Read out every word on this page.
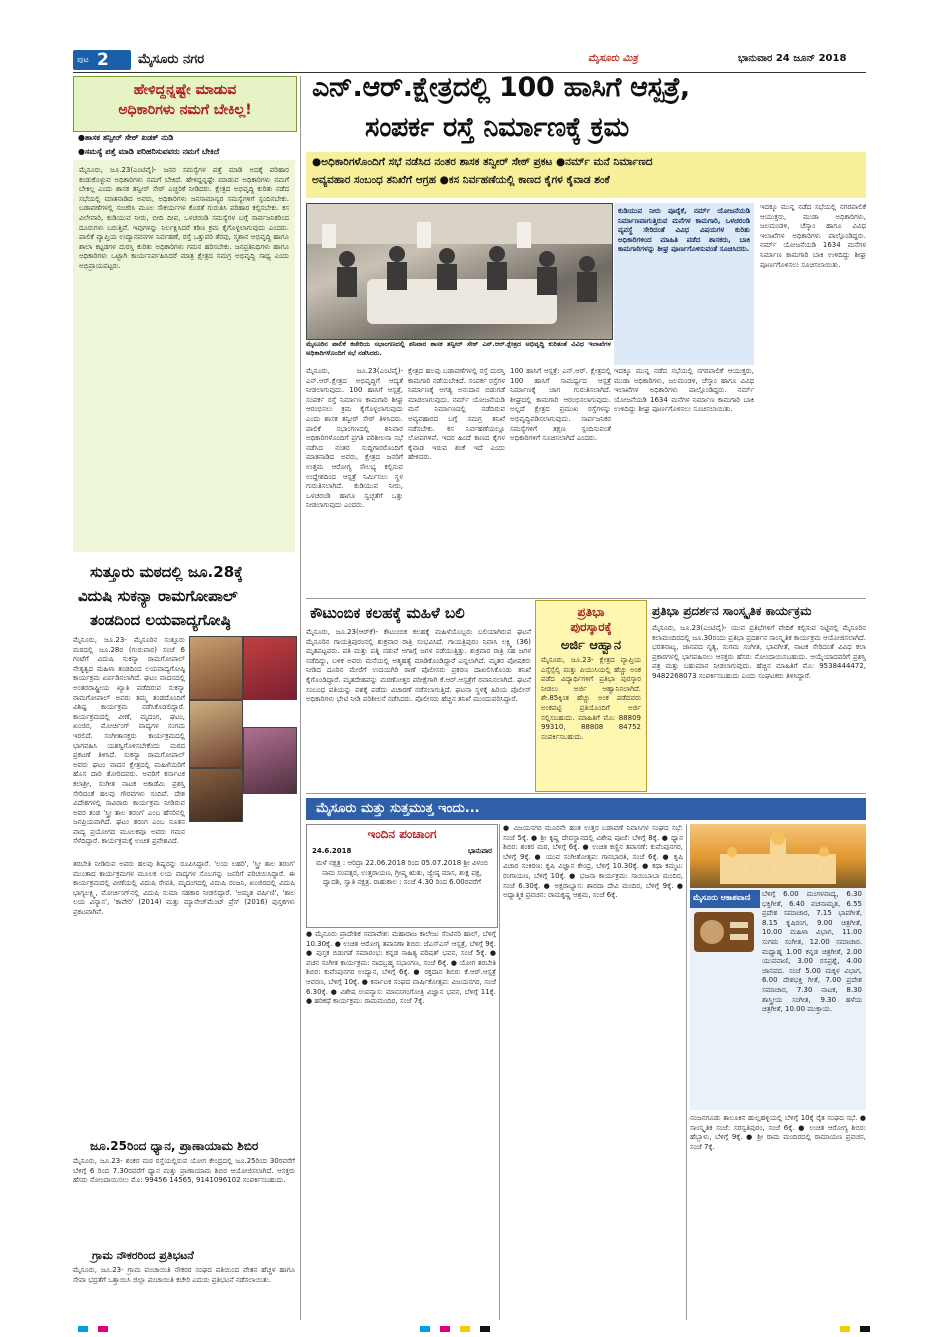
ಪುಟ 2 ಮೈಸೂರು ನಗರ	ಮೈಸೂರು ಮಿತ್ರ	ಭಾನುವಾರ 24 ಜೂನ್ 2018
ಹೇಳಿದ್ದನ್ನಷ್ಟೇ ಮಾಡುವ
ಅಧಿಕಾರಿಗಳು ನಮಗೆ ಬೇಕಿಲ್ಲ!
●ಶಾಸಕ ತನ್ವೀರ್ ಸೇಠ್ ಖಡಕ್ ನುಡಿ
●ಸಮಸ್ಯೆ ಪತ್ತೆ ಮಾಡಿ ಪರಿಹರಿಸುವವರು ನಮಗೆ ಬೇಕಿದೆ
ಮೈಸೂರು, ಜೂ.23(ಎಂಟಿವೈ)- ಜನರ ಸಮಸ್ಯೆಗಳ ಪತ್ತೆ ಮಾಡಿ ಅದಕ್ಕೆ ಪರಿಹಾರ ಕಂಡುಕೊಳ್ಳುವ ಅಧಿಕಾರಿಗಳು ನಮಗೆ ಬೇಕಿದೆ. ಹೇಳಿದ್ದನ್ನಷ್ಟೇ ಮಾಡುವ ಅಧಿಕಾರಿಗಳು ನಮಗೆ ಬೇಕಿಲ್ಲ ಎಂದು ಶಾಸಕ ತನ್ವೀರ್ ಸೇಠ್ ಎಚ್ಚರಿಕೆ ನೀಡಿದರು. ಕ್ಷೇತ್ರದ ಅಭಿವೃದ್ಧಿ ಕುರಿತು ನಡೆದ ಸಭೆಯಲ್ಲಿ ಮಾತನಾಡಿದ ಅವರು, ಅಧಿಕಾರಿಗಳು ಜನಸಾಮಾನ್ಯರ ಸಮಸ್ಯೆಗಳಿಗೆ ಸ್ಪಂದಿಸಬೇಕು. ಬಡಾವಣೆಗಳಲ್ಲಿ ಸಂಚರಿಸಿ ಮೂಲ ಸೌಕರ್ಯಗಳ ಕೊರತೆ ಗುರುತಿಸಿ ಪರಿಹಾರ ಕಲ್ಪಿಸಬೇಕು. ಕಸ ವಿಲೇವಾರಿ, ಕುಡಿಯುವ ನೀರು, ಬೀದಿ ದೀಪ, ಒಳಚರಂಡಿ ಸಮಸ್ಯೆಗಳ ಬಗ್ಗೆ ಸಾರ್ವಜನಿಕರಿಂದ ದೂರುಗಳು ಬರುತ್ತಿವೆ. ಇವುಗಳನ್ನು ನಿರ್ಲಕ್ಷಿಸಿದರೆ ಕಠಿಣ ಕ್ರಮ ಕೈಗೊಳ್ಳಲಾಗುವುದು ಎಂದರು. ಪಾಲಿಕೆ ವ್ಯಾಪ್ತಿಯ ಉದ್ಯಾನವನಗಳ ನಿರ್ವಹಣೆ, ರಸ್ತೆ ಒತ್ತುವರಿ ತೆರವು, ಸ್ಮಶಾನ ಅಭಿವೃದ್ಧಿ ಹಾಗೂ ಶಾಲಾ ಕಟ್ಟಡಗಳ ದುರಸ್ತಿ ಕುರಿತು ಅಧಿಕಾರಿಗಳು ಗಮನ ಹರಿಸಬೇಕು. ಜನಪ್ರತಿನಿಧಿಗಳು ಹಾಗೂ ಅಧಿಕಾರಿಗಳು ಒಟ್ಟಾಗಿ ಕಾರ್ಯನಿರ್ವಹಿಸಿದರೆ ಮಾತ್ರ ಕ್ಷೇತ್ರದ ಸಮಗ್ರ ಅಭಿವೃದ್ಧಿ ಸಾಧ್ಯ ಎಂದು ಅಭಿಪ್ರಾಯಪಟ್ಟರು.
ಎನ್.ಆರ್.ಕ್ಷೇತ್ರದಲ್ಲಿ 100 ಹಾಸಿಗೆ ಆಸ್ಪತ್ರೆ,
ಸಂಪರ್ಕ ರಸ್ತೆ ನಿರ್ಮಾಣಕ್ಕೆ ಕ್ರಮ
●ಅಧಿಕಾರಿಗಳೊಂದಿಗೆ ಸಭೆ ನಡೆಸಿದ ನಂತರ ಶಾಸಕ ತನ್ವೀರ್ ಸೇಠ್ ಪ್ರಕಟ ●ನರ್ಮ್ ಮನೆ ನಿರ್ಮಾಣದ
ಅವ್ಯವಹಾರ ಸಂಬಂಧ ತನಿಖೆಗೆ ಆಗ್ರಹ ●ಕಸ ನಿರ್ವಹಣೆಯಲ್ಲಿ ಕಾಣದ ಕೈಗಳ ಕೈವಾಡ ಶಂಕೆ
ಮೈಸೂರಿನ ಪಾಲಿಕೆ ಕಚೇರಿಯ ಸಭಾಂಗಣದಲ್ಲಿ ಶನಿವಾರ ಶಾಸಕ ತನ್ವೀರ್ ಸೇಠ್ ಎನ್.ಆರ್.ಕ್ಷೇತ್ರದ ಅಭಿವೃದ್ಧಿ ಕುರಿತಂತೆ ವಿವಿಧ ಇಲಾಖೆಗಳ ಅಧಿಕಾರಿಗಳೊಂದಿಗೆ ಸಭೆ ನಡೆಸಿದರು.
ಕುಡಿಯುವ ನೀರು ಪೂರೈಕೆ, ನರ್ಮ್ ಯೋಜನೆಯಡಿ ನಿರ್ಮಾಣವಾಗುತ್ತಿರುವ ಮನೆಗಳ ಕಾಮಗಾರಿ, ಒಳಚರಂಡಿ ವ್ಯವಸ್ಥೆ ಸೇರಿದಂತೆ ವಿವಿಧ ವಿಷಯಗಳ ಕುರಿತು ಅಧಿಕಾರಿಗಳಿಂದ ಮಾಹಿತಿ ಪಡೆದ ಶಾಸಕರು, ಬಾಕಿ ಕಾಮಗಾರಿಗಳನ್ನು ಶೀಘ್ರ ಪೂರ್ಣಗೊಳಿಸುವಂತೆ ಸೂಚಿಸಿದರು.
ಮೈಸೂರು, ಜೂ.23(ಎಂಟಿವೈ)- ಎನ್.ಆರ್.ಕ್ಷೇತ್ರದ ಅಭಿವೃದ್ಧಿಗೆ ಆದ್ಯತೆ ನೀಡಲಾಗುವುದು. 100 ಹಾಸಿಗೆ ಆಸ್ಪತ್ರೆ, ಸಂಪರ್ಕ ರಸ್ತೆ ನಿರ್ಮಾಣ ಕಾಮಗಾರಿ ಶೀಘ್ರ ಆರಂಭಿಸಲು ಕ್ರಮ ಕೈಗೊಳ್ಳಲಾಗುವುದು ಎಂದು ಶಾಸಕ ತನ್ವೀರ್ ಸೇಠ್ ತಿಳಿಸಿದರು. ಪಾಲಿಕೆ ಸಭಾಂಗಣದಲ್ಲಿ ಶನಿವಾರ ಅಧಿಕಾರಿಗಳೊಂದಿಗೆ ಪ್ರಗತಿ ಪರಿಶೀಲನಾ ಸಭೆ ನಡೆಸಿದ ನಂತರ ಸುದ್ದಿಗಾರರೊಂದಿಗೆ ಮಾತನಾಡಿದ ಅವರು, ಕ್ಷೇತ್ರದ ಜನರಿಗೆ ಉತ್ತಮ ಆರೋಗ್ಯ ಸೌಲಭ್ಯ ಕಲ್ಪಿಸುವ ಉದ್ದೇಶದಿಂದ ಆಸ್ಪತ್ರೆ ನಿರ್ಮಿಸಲು ಸ್ಥಳ ಗುರುತಿಸಲಾಗಿದೆ. ಕುಡಿಯುವ ನೀರು, ಒಳಚರಂಡಿ ಹಾಗೂ ಸ್ವಚ್ಛತೆಗೆ ಒತ್ತು ನೀಡಲಾಗುವುದು ಎಂದರು.
ಕ್ಷೇತ್ರದ ಹಲವು ಬಡಾವಣೆಗಳಲ್ಲಿ ರಸ್ತೆ ದುರಸ್ತಿ ಕಾಮಗಾರಿ ನಡೆಯಬೇಕಿದೆ. ಸಂಪರ್ಕ ರಸ್ತೆಗಳ ನಿರ್ಮಾಣಕ್ಕೆ ಅಗತ್ಯ ಅನುದಾನ ಬಿಡುಗಡೆ ಮಾಡಲಾಗುವುದು. ನರ್ಮ್ ಯೋಜನೆಯಡಿ ಮನೆ ನಿರ್ಮಾಣದಲ್ಲಿ ನಡೆದಿರುವ ಅವ್ಯವಹಾರದ ಬಗ್ಗೆ ಸಮಗ್ರ ತನಿಖೆ ನಡೆಸಬೇಕು. ಕಸ ನಿರ್ವಹಣೆಯಲ್ಲೂ ಲೋಪಗಳಿವೆ. ಇದರ ಹಿಂದೆ ಕಾಣದ ಕೈಗಳ ಕೈವಾಡ ಇರುವ ಶಂಕೆ ಇದೆ ಎಂದು ಹೇಳಿದರು.
100 ಹಾಸಿಗೆ ಆಸ್ಪತ್ರೆ: ಎನ್.ಆರ್. ಕ್ಷೇತ್ರದಲ್ಲಿ 100 ಹಾಸಿಗೆ ಸಾಮರ್ಥ್ಯದ ಆಸ್ಪತ್ರೆ ನಿರ್ಮಾಣಕ್ಕೆ ಜಾಗ ಗುರುತಿಸಲಾಗಿದೆ. ಶೀಘ್ರದಲ್ಲಿ ಕಾಮಗಾರಿ ಆರಂಭಿಸಲಾಗುವುದು. ಅಲ್ಲದೆ ಕ್ಷೇತ್ರದ ಪ್ರಮುಖ ರಸ್ತೆಗಳನ್ನು ಅಭಿವೃದ್ಧಿಪಡಿಸಲಾಗುವುದು. ಸಾರ್ವಜನಿಕರ ಸಮಸ್ಯೆಗಳಿಗೆ ತಕ್ಷಣ ಸ್ಪಂದಿಸುವಂತೆ ಅಧಿಕಾರಿಗಳಿಗೆ ಸೂಚಿಸಲಾಗಿದೆ ಎಂದರು.
ಇದಕ್ಕೂ ಮುನ್ನ ನಡೆದ ಸಭೆಯಲ್ಲಿ ನಗರಪಾಲಿಕೆ ಆಯುಕ್ತರು, ಮುಡಾ ಅಧಿಕಾರಿಗಳು, ಜಲಮಂಡಳಿ, ಚೆಸ್ಕಾಂ ಹಾಗೂ ವಿವಿಧ ಇಲಾಖೆಗಳ ಅಧಿಕಾರಿಗಳು ಪಾಲ್ಗೊಂಡಿದ್ದರು. ನರ್ಮ್ ಯೋಜನೆಯಡಿ 1634 ಮನೆಗಳ ನಿರ್ಮಾಣ ಕಾಮಗಾರಿ ಬಾಕಿ ಉಳಿದಿದ್ದು ಶೀಘ್ರ ಪೂರ್ಣಗೊಳಿಸಲು ಸೂಚಿಸಲಾಯಿತು.
ಇದಕ್ಕೂ ಮುನ್ನ ನಡೆದ ಸಭೆಯಲ್ಲಿ ನಗರಪಾಲಿಕೆ ಆಯುಕ್ತರು, ಮುಡಾ ಅಧಿಕಾರಿಗಳು, ಜಲಮಂಡಳಿ, ಚೆಸ್ಕಾಂ ಹಾಗೂ ವಿವಿಧ ಇಲಾಖೆಗಳ ಅಧಿಕಾರಿಗಳು ಪಾಲ್ಗೊಂಡಿದ್ದರು. ನರ್ಮ್ ಯೋಜನೆಯಡಿ 1634 ಮನೆಗಳ ನಿರ್ಮಾಣ ಕಾಮಗಾರಿ ಬಾಕಿ ಉಳಿದಿದ್ದು ಶೀಘ್ರ ಪೂರ್ಣಗೊಳಿಸಲು ಸೂಚಿಸಲಾಯಿತು.
ಸುತ್ತೂರು ಮಠದಲ್ಲಿ ಜೂ.28ಕ್ಕೆ
ವಿದುಷಿ ಸುಕನ್ಯಾ ರಾಮಗೋಪಾಲ್
ತಂಡದಿಂದ ಲಯವಾದ್ಯಗೋಷ್ಠಿ
ಮೈಸೂರು, ಜೂ.23- ಮೈಸೂರಿನ ಸುತ್ತೂರು ಮಠದಲ್ಲಿ ಜೂ.28ರ (ಗುರುವಾರ) ಸಂಜೆ 6 ಗಂಟೆಗೆ ವಿದುಷಿ ಸುಕನ್ಯಾ ರಾಮಗೋಪಾಲ್ ನೇತೃತ್ವದ ಮಹಿಳಾ ತಂಡದಿಂದ ಲಯವಾದ್ಯಗೋಷ್ಠಿ ಕಾರ್ಯಕ್ರಮ ಏರ್ಪಡಿಸಲಾಗಿದೆ. ಘಟಂ ವಾದನದಲ್ಲಿ ಅಂತರರಾಷ್ಟ್ರೀಯ ಖ್ಯಾತಿ ಪಡೆದಿರುವ ಸುಕನ್ಯಾ ರಾಮಗೋಪಾಲ್ ಅವರು ತಮ್ಮ ತಂಡದೊಂದಿಗೆ ವಿಶಿಷ್ಟ ಕಾರ್ಯಕ್ರಮ ನಡೆಸಿಕೊಡಲಿದ್ದಾರೆ. ಕಾರ್ಯಕ್ರಮದಲ್ಲಿ ವೀಣೆ, ಮೃದಂಗ, ಘಟಂ, ಖಂಜಿರ, ಮೋರ್ಚಿಂಗ್ ವಾದ್ಯಗಳ ಸಂಗಮ ಇರಲಿದೆ. ಸಂಗೀತಾಸಕ್ತರು ಕಾರ್ಯಕ್ರಮದಲ್ಲಿ ಭಾಗವಹಿಸಿ ಯಶಸ್ವಿಗೊಳಿಸಬೇಕೆಂದು ಮಠದ ಪ್ರಕಟಣೆ ತಿಳಿಸಿದೆ. ಸುಕನ್ಯಾ ರಾಮಗೋಪಾಲ್ ಅವರು ಘಟಂ ವಾದನ ಕ್ಷೇತ್ರದಲ್ಲಿ ಮಹಿಳೆಯರಿಗೆ ಹೊಸ ದಾರಿ ತೋರಿದವರು. ಅವರಿಗೆ ಕರ್ನಾಟಕ ಕಲಾಶ್ರೀ, ಸಂಗೀತ ನಾಟಕ ಅಕಾಡೆಮಿ ಪ್ರಶಸ್ತಿ ಸೇರಿದಂತೆ ಹಲವು ಗೌರವಗಳು ಸಂದಿವೆ. ದೇಶ ವಿದೇಶಗಳಲ್ಲಿ ಸಾವಿರಾರು ಕಾರ್ಯಕ್ರಮ ನೀಡಿರುವ ಅವರ ತಂಡ 'ಸ್ತ್ರೀ ತಾಲ ತರಂಗ' ಎಂಬ ಹೆಸರಿನಲ್ಲಿ ಜನಪ್ರಿಯವಾಗಿದೆ. ಘಟಂ ತರಂಗ ಎಂಬ ನೂತನ ವಾದ್ಯ ಪ್ರಯೋಗದ ಮೂಲಕವೂ ಅವರು ಗಮನ ಸೆಳೆದಿದ್ದಾರೆ. ಕಾರ್ಯಕ್ರಮಕ್ಕೆ ಉಚಿತ ಪ್ರವೇಶವಿದೆ.
ತರಬೇತಿ ನೀಡಿರುವ ಅವರು ಹಲವು ಶಿಷ್ಯರನ್ನು ರೂಪಿಸಿದ್ದಾರೆ. 'ಲಯ ಲಹರಿ', 'ಸ್ತ್ರೀ ತಾಲ ತರಂಗ' ಮುಂತಾದ ಕಾರ್ಯಕ್ರಮಗಳ ಮೂಲಕ ಲಯ ವಾದ್ಯಗಳ ಸೊಬಗನ್ನು ಜನರಿಗೆ ಪರಿಚಯಿಸಿದ್ದಾರೆ. ಈ ಕಾರ್ಯಕ್ರಮದಲ್ಲಿ ವೀಣೆಯಲ್ಲಿ ವಿದುಷಿ ರೇವತಿ, ಮೃದಂಗದಲ್ಲಿ ವಿದುಷಿ ರಂಜನಿ, ಖಂಜಿರದಲ್ಲಿ ವಿದುಷಿ ಭಾಗ್ಯಲಕ್ಷ್ಮಿ, ಮೋರ್ಚಿಂಗ್‌ನಲ್ಲಿ ವಿದುಷಿ ಸುಮಾ ಸಹಕಾರ ನೀಡಲಿದ್ದಾರೆ. 'ಅಮೃತ ವರ್ಷಿಣಿ', 'ತಾಲ ಲಯ ವಿನ್ಯಾಸ', 'ಕಾವೇರಿ' (2014) ಮತ್ತು ಮ್ಯಾನೇಜ್‌ಮೆಂಟ್ ಪ್ರೆಸ್ (2016) ಪುಸ್ತಕಗಳು ಪ್ರಕಟವಾಗಿವೆ.
ಜೂ.25ರಿಂದ ಧ್ಯಾನ, ಪ್ರಾಣಾಯಾಮ ಶಿಬಿರ
ಮೈಸೂರು, ಜೂ.23- ಶಂಕರ ಮಠ ರಸ್ತೆಯಲ್ಲಿರುವ ಯೋಗ ಕೇಂದ್ರದಲ್ಲಿ ಜೂ.25ರಿಂದ 30ರವರೆಗೆ ಬೆಳಿಗ್ಗೆ 6 ರಿಂದ 7.30ರವರೆಗೆ ಧ್ಯಾನ ಮತ್ತು ಪ್ರಾಣಾಯಾಮ ಶಿಬಿರ ಆಯೋಜಿಸಲಾಗಿದೆ. ಆಸಕ್ತರು ಹೆಸರು ನೋಂದಾಯಿಸಲು ಮೊ: 99456 14565, 9141096102 ಸಂಪರ್ಕಿಸಬಹುದು.
ಗ್ರಾಮ ನೌಕರರಿಂದ ಪ್ರತಿಭಟನೆ
ಮೈಸೂರು, ಜೂ.23- ಗ್ರಾಮ ಪಂಚಾಯಿತಿ ನೌಕರರ ಸಂಘದ ವತಿಯಿಂದ ವೇತನ ಹೆಚ್ಚಳ ಹಾಗೂ ಸೇವಾ ಭದ್ರತೆಗೆ ಒತ್ತಾಯಿಸಿ ಜಿಲ್ಲಾ ಪಂಚಾಯಿತಿ ಕಚೇರಿ ಎದುರು ಪ್ರತಿಭಟನೆ ನಡೆಸಲಾಯಿತು.
ಕೌಟುಂಬಿಕ ಕಲಹಕ್ಕೆ ಮಹಿಳೆ ಬಲಿ
ಮೈಸೂರು, ಜೂ.23(ಆರ್‌ಕೆ)- ಕೌಟುಂಬಿಕ ಕಲಹಕ್ಕೆ ಮಹಿಳೆಯೊಬ್ಬರು ಬಲಿಯಾಗಿರುವ ಘಟನೆ ಮೈಸೂರಿನ ಗಾಯತ್ರಿಪುರಂನಲ್ಲಿ ಶುಕ್ರವಾರ ರಾತ್ರಿ ಸಂಭವಿಸಿದೆ. ಗಾಯತ್ರಿಪುರಂ ನಿವಾಸಿ ಲಕ್ಷ್ಮಿ (36) ಮೃತಪಟ್ಟವರು. ಪತಿ ಮತ್ತು ಪತ್ನಿ ನಡುವೆ ಆಗಾಗ್ಗೆ ಜಗಳ ನಡೆಯುತ್ತಿತ್ತು. ಶುಕ್ರವಾರ ರಾತ್ರಿ ಸಹ ಜಗಳ ನಡೆದಿದ್ದು, ಬಳಿಕ ಅವರು ಮನೆಯಲ್ಲಿ ಆತ್ಮಹತ್ಯೆ ಮಾಡಿಕೊಂಡಿದ್ದಾರೆ ಎನ್ನಲಾಗಿದೆ. ಮೃತರ ಪೋಷಕರು ನೀಡಿದ ದೂರಿನ ಮೇರೆಗೆ ಉದಯಗಿರಿ ಠಾಣೆ ಪೊಲೀಸರು ಪ್ರಕರಣ ದಾಖಲಿಸಿಕೊಂಡು ತನಿಖೆ ಕೈಗೊಂಡಿದ್ದಾರೆ. ಮೃತದೇಹವನ್ನು ಮರಣೋತ್ತರ ಪರೀಕ್ಷೆಗಾಗಿ ಕೆ.ಆರ್.ಆಸ್ಪತ್ರೆಗೆ ರವಾನಿಸಲಾಗಿದೆ. ಘಟನೆ ಸಂಬಂಧ ಪತಿಯನ್ನು ವಶಕ್ಕೆ ಪಡೆದು ವಿಚಾರಣೆ ನಡೆಸಲಾಗುತ್ತಿದೆ. ಘಟನಾ ಸ್ಥಳಕ್ಕೆ ಹಿರಿಯ ಪೊಲೀಸ್ ಅಧಿಕಾರಿಗಳು ಭೇಟಿ ನೀಡಿ ಪರಿಶೀಲನೆ ನಡೆಸಿದರು. ಪೊಲೀಸರು ಹೆಚ್ಚಿನ ತನಿಖೆ ಮುಂದುವರಿಸಿದ್ದಾರೆ.
ಪ್ರತಿಭಾ
ಪುರಸ್ಕಾರಕ್ಕೆ
ಅರ್ಜಿ ಆಹ್ವಾನ
ಮೈಸೂರು, ಜೂ.23- ಕ್ಷೇತ್ರದ ವ್ಯಾಪ್ತಿಯ ಎಸ್ಸೆಸ್ಸೆಲ್ಸಿ ಮತ್ತು ಪಿಯುಸಿಯಲ್ಲಿ ಹೆಚ್ಚು ಅಂಕ ಪಡೆದ ವಿದ್ಯಾರ್ಥಿಗಳಿಗೆ ಪ್ರತಿಭಾ ಪುರಸ್ಕಾರ ನೀಡಲು ಅರ್ಜಿ ಆಹ್ವಾನಿಸಲಾಗಿದೆ. ಶೇ.85ಕ್ಕಿಂತ ಹೆಚ್ಚು ಅಂಕ ಪಡೆದವರು ಅಂಕಪಟ್ಟಿ ಪ್ರತಿಯೊಂದಿಗೆ ಅರ್ಜಿ ಸಲ್ಲಿಸಬಹುದು. ಮಾಹಿತಿಗೆ ಮೊ: 88809 99310, 88808 84752 ಸಂಪರ್ಕಿಸಬಹುದು.
ಪ್ರತಿಭಾ ಪ್ರದರ್ಶನ ಸಾಂಸ್ಕೃತಿಕ ಕಾರ್ಯಕ್ರಮ
ಮೈಸೂರು, ಜೂ.23(ಎಂಟಿವೈ)- ಯುವ ಪ್ರತಿಭೆಗಳಿಗೆ ವೇದಿಕೆ ಕಲ್ಪಿಸುವ ನಿಟ್ಟಿನಲ್ಲಿ ಮೈಸೂರಿನ ಕಲಾಮಂದಿರದಲ್ಲಿ ಜೂ.30ರಂದು ಪ್ರತಿಭಾ ಪ್ರದರ್ಶನ ಸಾಂಸ್ಕೃತಿಕ ಕಾರ್ಯಕ್ರಮ ಆಯೋಜಿಸಲಾಗಿದೆ. ಭರತನಾಟ್ಯ, ಜಾನಪದ ನೃತ್ಯ, ಸುಗಮ ಸಂಗೀತ, ಭಾವಗೀತೆ, ನಾಟಕ ಸೇರಿದಂತೆ ವಿವಿಧ ಕಲಾ ಪ್ರಕಾರಗಳಲ್ಲಿ ಭಾಗವಹಿಸಲು ಆಸಕ್ತರು ಹೆಸರು ನೋಂದಾಯಿಸಬಹುದು. ಆಯ್ಕೆಯಾದವರಿಗೆ ಪ್ರಶಸ್ತಿ ಪತ್ರ ಮತ್ತು ಬಹುಮಾನ ನೀಡಲಾಗುವುದು. ಹೆಚ್ಚಿನ ಮಾಹಿತಿಗೆ ಮೊ: 9538444472, 9482268073 ಸಂಪರ್ಕಿಸಬಹುದು ಎಂದು ಸಂಘಟಕರು ತಿಳಿಸಿದ್ದಾರೆ.
ಮೈಸೂರು ಮತ್ತು ಸುತ್ತಮುತ್ತ ಇಂದು...
ಇಂದಿನ ಪಂಚಾಂಗ
24.6.2018	ಭಾನುವಾರ
ಮಳೆ ನಕ್ಷತ್ರ : ಆರಿದ್ರಾ 22.06.2018 ರಿಂದ 05.07.2018 ಶ್ರೀ ವಿಳಂಬಿ ನಾಮ ಸಂವತ್ಸರ, ಉತ್ತರಾಯಣ, ಗ್ರೀಷ್ಮ ಋತು, ಜ್ಯೇಷ್ಠ ಮಾಸ, ಶುಕ್ಲ ಪಕ್ಷ, ದ್ವಾದಶಿ, ಸ್ವಾತಿ ನಕ್ಷತ್ರ. ರಾಹುಕಾಲ : ಸಂಜೆ 4.30 ರಿಂದ 6.00ರವರೆಗೆ
● ಮೈಸೂರು ಪ್ರಾದೇಶಿಕ ಸಮಾವೇಶ: ಮಹಾರಾಜ ಕಾಲೇಜು ಸೆಂಟಿನರಿ ಹಾಲ್, ಬೆಳಿಗ್ಗೆ 10.30ಕ್ಕೆ. ● ಉಚಿತ ಆರೋಗ್ಯ ತಪಾಸಣಾ ಶಿಬಿರ: ಜೆಎಸ್‌ಎಸ್ ಆಸ್ಪತ್ರೆ, ಬೆಳಿಗ್ಗೆ 9ಕ್ಕೆ. ● ಪುಸ್ತಕ ಬಿಡುಗಡೆ ಸಮಾರಂಭ: ಕನ್ನಡ ಸಾಹಿತ್ಯ ಪರಿಷತ್ ಭವನ, ಸಂಜೆ 5ಕ್ಕೆ. ● ವಚನ ಸಂಗೀತ ಕಾರ್ಯಕ್ರಮ: ನಾದಬ್ರಹ್ಮ ಸಭಾಂಗಣ, ಸಂಜೆ 6ಕ್ಕೆ. ● ಯೋಗ ತರಬೇತಿ ಶಿಬಿರ: ಕುವೆಂಪುನಗರ ಉದ್ಯಾನ, ಬೆಳಿಗ್ಗೆ 6ಕ್ಕೆ. ● ರಕ್ತದಾನ ಶಿಬಿರ: ಕೆ.ಆರ್.ಆಸ್ಪತ್ರೆ ಆವರಣ, ಬೆಳಿಗ್ಗೆ 10ಕ್ಕೆ. ● ಕರ್ನಾಟಕ ಸಂಘದ ವಾರ್ಷಿಕೋತ್ಸವ: ವಿಜಯನಗರ, ಸಂಜೆ 6.30ಕ್ಕೆ. ● ವಿಶೇಷ ಉಪನ್ಯಾಸ: ಮಾನಸಗಂಗೋತ್ರಿ ವಿಜ್ಞಾನ ಭವನ, ಬೆಳಿಗ್ಗೆ 11ಕ್ಕೆ. ● ಹರಿಕಥೆ ಕಾರ್ಯಕ್ರಮ: ರಾಮಮಂದಿರ, ಸಂಜೆ 7ಕ್ಕೆ.
● ವಿಜಯನಗರ ಮೂರನೇ ಹಂತ ಉತ್ತರ ಬಡಾವಣೆ ನಿವಾಸಿಗಳ ಸಂಘದ ಸಭೆ: ಸಂಜೆ 5ಕ್ಕೆ. ● ಶ್ರೀ ಕೃಷ್ಣ ದೇವಸ್ಥಾನದಲ್ಲಿ ವಿಶೇಷ ಪೂಜೆ: ಬೆಳಿಗ್ಗೆ 8ಕ್ಕೆ. ● ಧ್ಯಾನ ಶಿಬಿರ: ಶಂಕರ ಮಠ, ಬೆಳಿಗ್ಗೆ 6ಕ್ಕೆ. ● ಉಚಿತ ಕಣ್ಣಿನ ತಪಾಸಣೆ: ಕುವೆಂಪುನಗರ, ಬೆಳಿಗ್ಗೆ 9ಕ್ಕೆ. ● ಯುವ ಸಂಗೀತೋತ್ಸವ: ಗಾನಭಾರತಿ, ಸಂಜೆ 6ಕ್ಕೆ. ● ಕೃಷಿ ವಿಚಾರ ಸಂಕಿರಣ: ಕೃಷಿ ವಿಜ್ಞಾನ ಕೇಂದ್ರ, ಬೆಳಿಗ್ಗೆ 10.30ಕ್ಕೆ. ● ಕಥಾ ಕಮ್ಮಟ: ರಂಗಾಯಣ, ಬೆಳಿಗ್ಗೆ 10ಕ್ಕೆ. ● ಭಜನಾ ಕಾರ್ಯಕ್ರಮ: ಸಾಯಿಬಾಬಾ ಮಂದಿರ, ಸಂಜೆ 6.30ಕ್ಕೆ. ● ಅಕ್ಷರಾಭ್ಯಾಸ: ಶಾರದಾ ದೇವಿ ಮಂದಿರ, ಬೆಳಿಗ್ಗೆ 9ಕ್ಕೆ. ● ಅಧ್ಯಾತ್ಮಿಕ ಪ್ರವಚನ: ರಾಮಕೃಷ್ಣ ಆಶ್ರಮ, ಸಂಜೆ 6ಕ್ಕೆ.	ಮೈಸೂರು ಆಕಾಶವಾಣಿ ಬೆಳಿಗ್ಗೆ 6.00 ಮಂಗಳವಾದ್ಯ, 6.30 ಭಕ್ತಿಗೀತೆ, 6.40 ವಚನಾಮೃತ, 6.55 ಪ್ರದೇಶ ಸಮಾಚಾರ, 7.15 ಭಾವಗೀತೆ, 8.15 ಕೃಷಿರಂಗ, 9.00 ಚಿತ್ರಗೀತೆ, 10.00 ಮಹಿಳಾ ವಿಭಾಗ, 11.00 ಸುಗಮ ಸಂಗೀತ, 12.00 ಸಮಾಚಾರ. ಮಧ್ಯಾಹ್ನ 1.00 ಕನ್ನಡ ಚಿತ್ರಗೀತೆ, 2.00 ಯುವವಾಣಿ, 3.00 ರಸಪ್ರಶ್ನೆ, 4.00 ಜಾನಪದ. ಸಂಜೆ 5.00 ಮಕ್ಕಳ ವಿಭಾಗ, 6.00 ದೇಶಭಕ್ತಿ ಗೀತೆ, 7.00 ಪ್ರದೇಶ ಸಮಾಚಾರ, 7.30 ನಾಟಕ, 8.30 ಶಾಸ್ತ್ರೀಯ ಸಂಗೀತ, 9.30 ಹಳೆಯ ಚಿತ್ರಗೀತೆ, 10.00 ಮುಕ್ತಾಯ.
ನಂಜನಗೂಡು ತಾಲೂಕಿನ ಹುಲ್ಲಹಳ್ಳಿಯಲ್ಲಿ ಬೆಳಿಗ್ಗೆ 10ಕ್ಕೆ ರೈತ ಸಂಘದ ಸಭೆ. ● ಸಾಂಸ್ಕೃತಿಕ ಸಂಜೆ: ಸರಸ್ವತಿಪುರಂ, ಸಂಜೆ 6ಕ್ಕೆ. ● ಉಚಿತ ಆರೋಗ್ಯ ಶಿಬಿರ: ಹೆಬ್ಬಾಳು, ಬೆಳಿಗ್ಗೆ 9ಕ್ಕೆ. ● ಶ್ರೀ ರಾಮ ಮಂದಿರದಲ್ಲಿ ರಾಮಾಯಣ ಪ್ರವಚನ, ಸಂಜೆ 7ಕ್ಕೆ.
